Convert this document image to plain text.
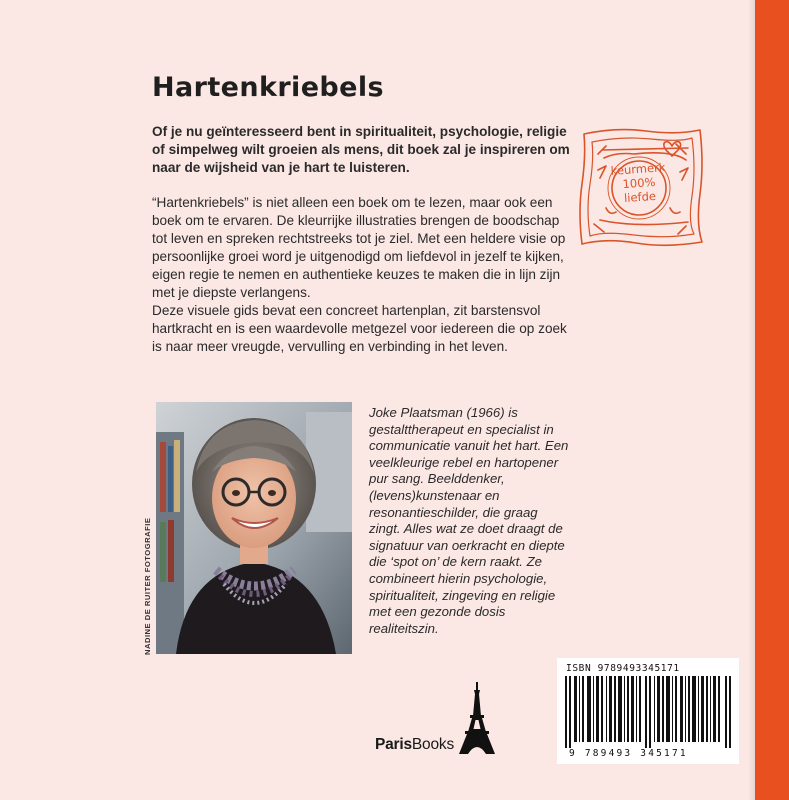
Hartenkriebels

Of je nu geïnteresseerd bent in spiritualiteit, psychologie, religie of simpelweg wilt groeien als mens, dit boek zal je inspireren om naar de wijsheid van je hart te luisteren.

“Hartenkriebels” is niet alleen een boek om te lezen, maar ook een boek om te ervaren. De kleurrijke illustraties brengen de boodschap tot leven en spreken rechtstreeks tot je ziel. Met een heldere visie op persoonlijke groei word je uitgenodigd om liefdevol in jezelf te kijken, eigen regie te nemen en authentieke keuzes te maken die in lijn zijn met je diepste verlangens.

Deze visuele gids bevat een concreet hartenplan, zit barstensvol hartkracht en is een waardevolle metgezel voor iedereen die op zoek is naar meer vreugde, vervulling en verbinding in het leven.

keurmerk
100%
liefde
NADINE DE RUITER FOTOGRAFIE

Joke Plaatsman (1966) is gestalttherapeut en specialist in communicatie vanuit het hart. Een veelkleurige rebel en hartopener pur sang. Beelddenker, (levens)kunstenaar en resonantieschilder, die graag zingt. Alles wat ze doet draagt de signatuur van oerkracht en diepte die ‘spot on’ de kern raakt. Ze combineert hierin psychologie, spiritualiteit, zingeving en religie met een gezonde dosis realiteitszin.

ParisBooks
ISBN 9789493345171
9 789493 345171
